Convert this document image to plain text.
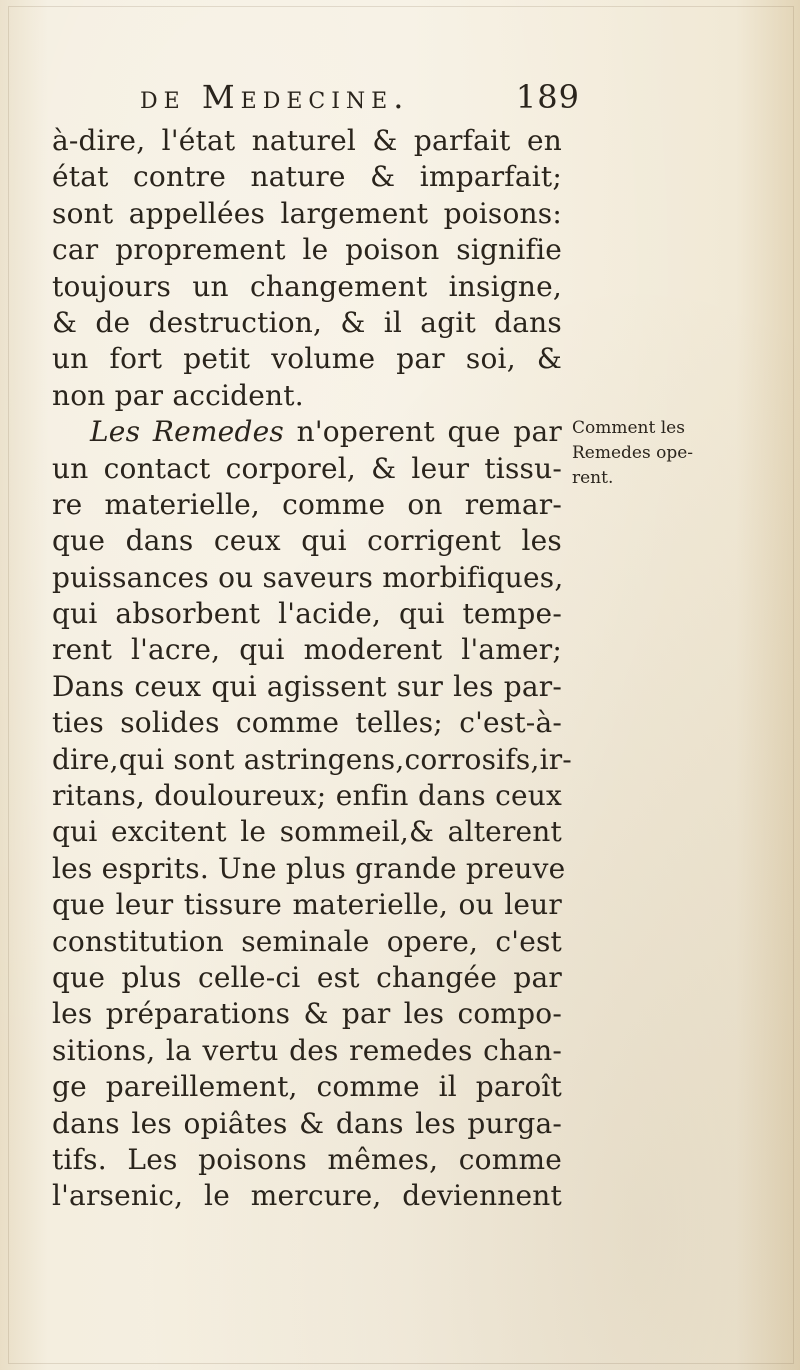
de Medecine.	189
à-dire, l'état naturel & parfait en
état contre nature & imparfait;
sont appellées largement poisons:
car proprement le poison signifie
toujours un changement insigne,
& de destruction, & il agit dans
un fort petit volume par soi, &
non par accident.
Les Remedes n'operent que par
un contact corporel, & leur tissu-
re materielle, comme on remar-
que dans ceux qui corrigent les
puissances ou saveurs morbifiques,
qui absorbent l'acide, qui tempe-
rent l'acre, qui moderent l'amer;
Dans ceux qui agissent sur les par-
ties solides comme telles; c'est-à-
dire,qui sont astringens,corrosifs,ir-
ritans, douloureux; enfin dans ceux
qui excitent le sommeil,& alterent
les esprits. Une plus grande preuve
que leur tissure materielle, ou leur
constitution seminale opere, c'est
que plus celle-ci est changée par
les préparations & par les compo-
sitions, la vertu des remedes chan-
ge pareillement, comme il paroît
dans les opiâtes & dans les purga-
tifs. Les poisons mêmes, comme
l'arsenic, le mercure, deviennent
Comment les
Remedes ope-
rent.
